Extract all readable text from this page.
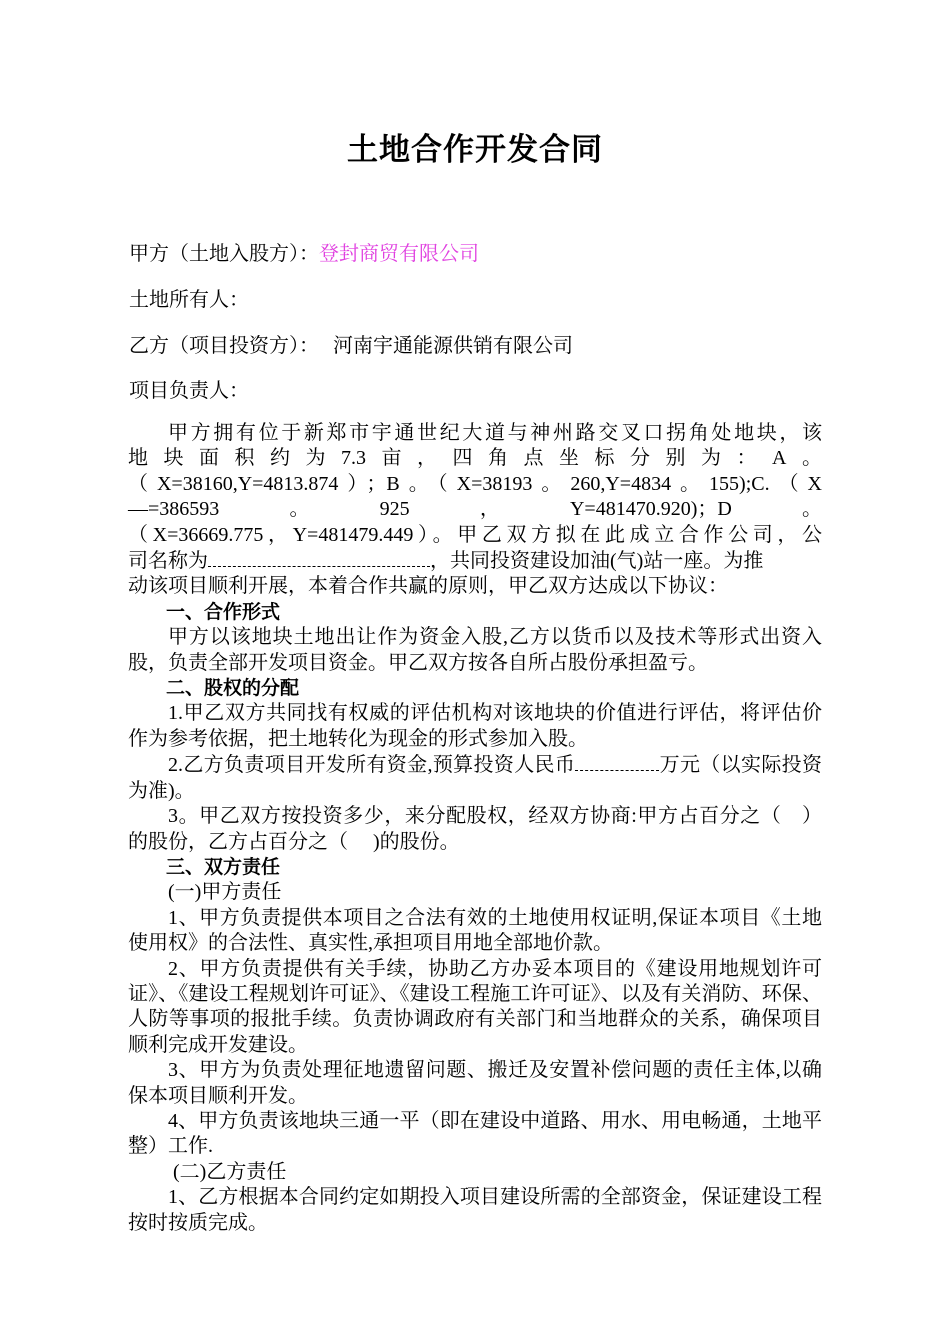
土地合作开发合同
甲方（土地入股方）：登封商贸有限公司
土地所有人：
乙方（项目投资方）： 河南宇通能源供销有限公司
项目负责人：

甲方拥有位于新郑市宇通世纪大道与神州路交叉口拐角处地块，该

地块面积约为7.3亩，四角点坐标分别为：A。

（X=38160,Y=4813.874）；B。（X=38193。260,Y=4834。155);C.（X

—=386593。925，Y=481470.920)；D。

（X=36669.775，Y=481479.449）。甲乙双方拟在此成立合作公司，公

司名称为	，共同投资建设加油(气)站一座。为推

动该项目顺利开展，本着合作共赢的原则，甲乙双方达成以下协议：

一、合作形式

甲方以该地块土地出让作为资金入股,乙方以货币以及技术等形式出资入股，负责全部开发项目资金。甲乙双方按各自所占股份承担盈亏。

二、股权的分配

1.甲乙双方共同找有权威的评估机构对该地块的价值进行评估，将评估价作为参考依据，把土地转化为现金的形式参加入股。

2.乙方负责项目开发所有资金,预算投资人民币	万元（以实际投资为准)。

3。甲乙双方按投资多少，来分配股权，经双方协商:甲方占百分之（　）的股份，乙方占百分之（　 )的股份。

三、双方责任

(一)甲方责任

1、甲方负责提供本项目之合法有效的土地使用权证明,保证本项目《土地使用权》的合法性、真实性,承担项目用地全部地价款。

2、甲方负责提供有关手续，协助乙方办妥本项目的《建设用地规划许可证》、《建设工程规划许可证》、《建设工程施工许可证》、以及有关消防、环保、人防等事项的报批手续。负责协调政府有关部门和当地群众的关系，确保项目顺利完成开发建设。

3、甲方为负责处理征地遗留问题、搬迁及安置补偿问题的责任主体,以确保本项目顺利开发。

4、甲方负责该地块三通一平（即在建设中道路、用水、用电畅通，土地平整）工作.

(二)乙方责任

1、乙方根据本合同约定如期投入项目建设所需的全部资金，保证建设工程按时按质完成。
